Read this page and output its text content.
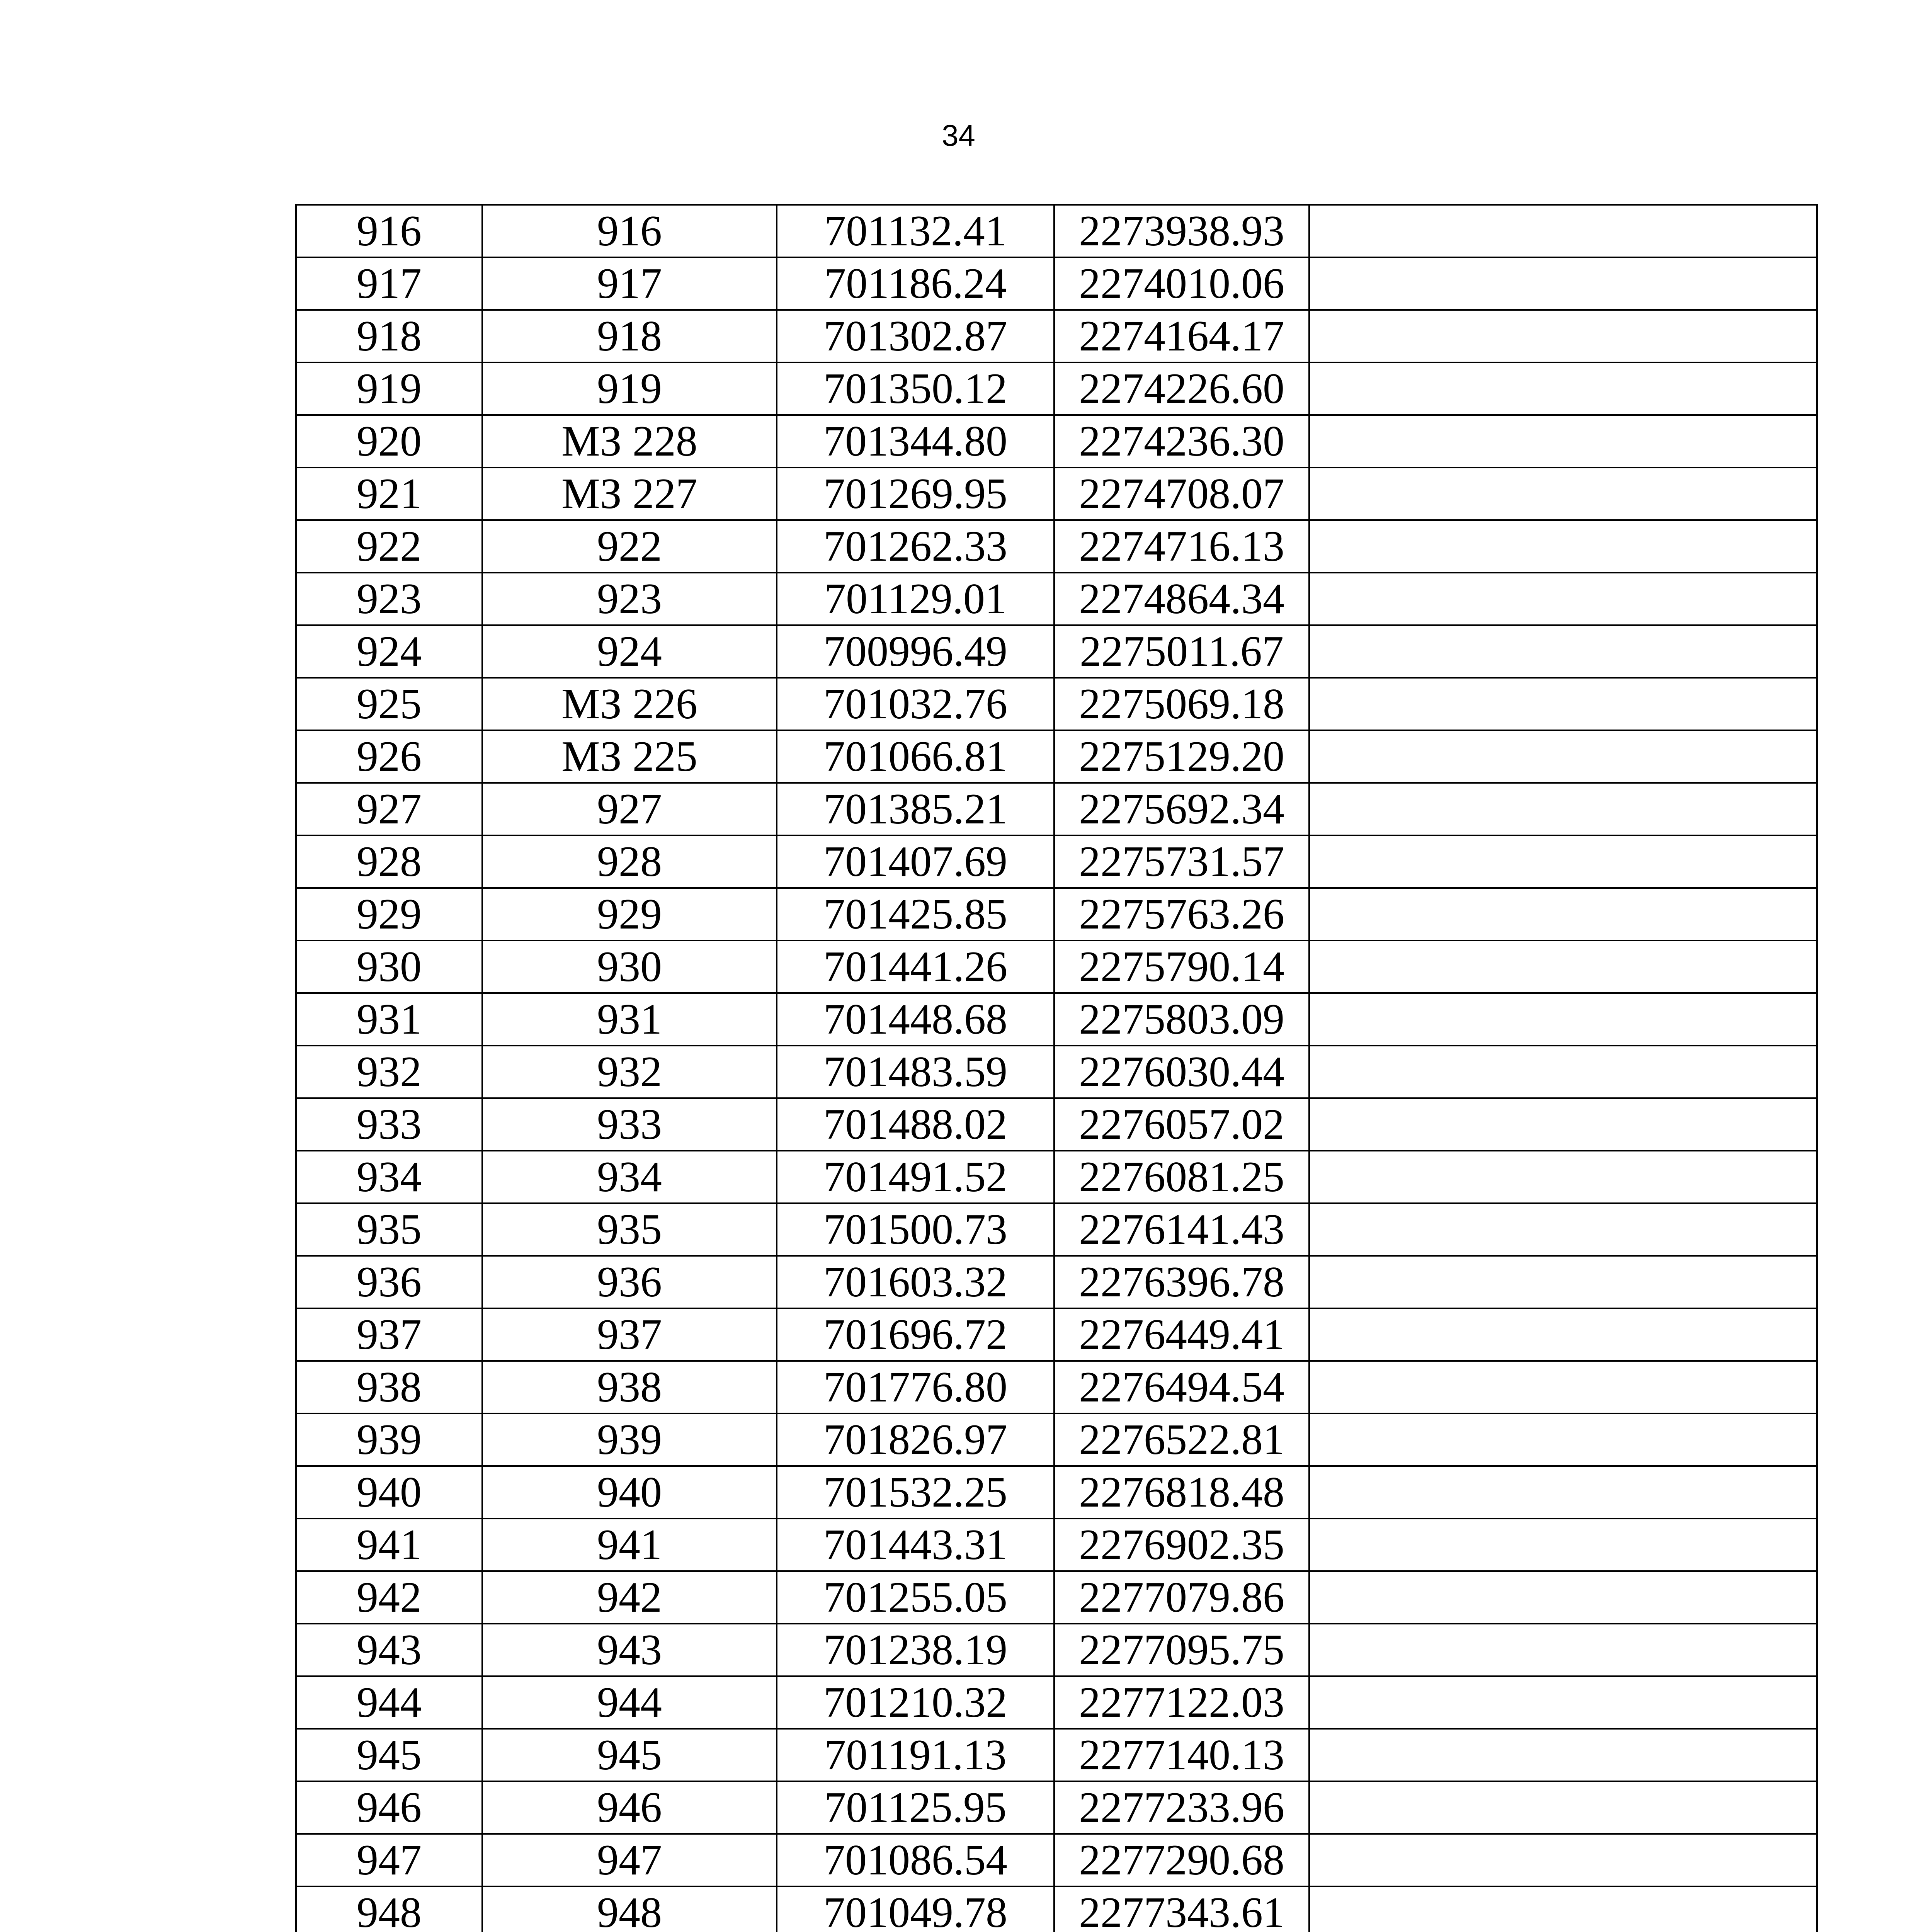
34
916	916	701132.41	2273938.93	
917	917	701186.24	2274010.06	
918	918	701302.87	2274164.17	
919	919	701350.12	2274226.60	
920	МЗ 228	701344.80	2274236.30	
921	МЗ 227	701269.95	2274708.07	
922	922	701262.33	2274716.13	
923	923	701129.01	2274864.34	
924	924	700996.49	2275011.67	
925	МЗ 226	701032.76	2275069.18	
926	МЗ 225	701066.81	2275129.20	
927	927	701385.21	2275692.34	
928	928	701407.69	2275731.57	
929	929	701425.85	2275763.26	
930	930	701441.26	2275790.14	
931	931	701448.68	2275803.09	
932	932	701483.59	2276030.44	
933	933	701488.02	2276057.02	
934	934	701491.52	2276081.25	
935	935	701500.73	2276141.43	
936	936	701603.32	2276396.78	
937	937	701696.72	2276449.41	
938	938	701776.80	2276494.54	
939	939	701826.97	2276522.81	
940	940	701532.25	2276818.48	
941	941	701443.31	2276902.35	
942	942	701255.05	2277079.86	
943	943	701238.19	2277095.75	
944	944	701210.32	2277122.03	
945	945	701191.13	2277140.13	
946	946	701125.95	2277233.96	
947	947	701086.54	2277290.68	
948	948	701049.78	2277343.61	
